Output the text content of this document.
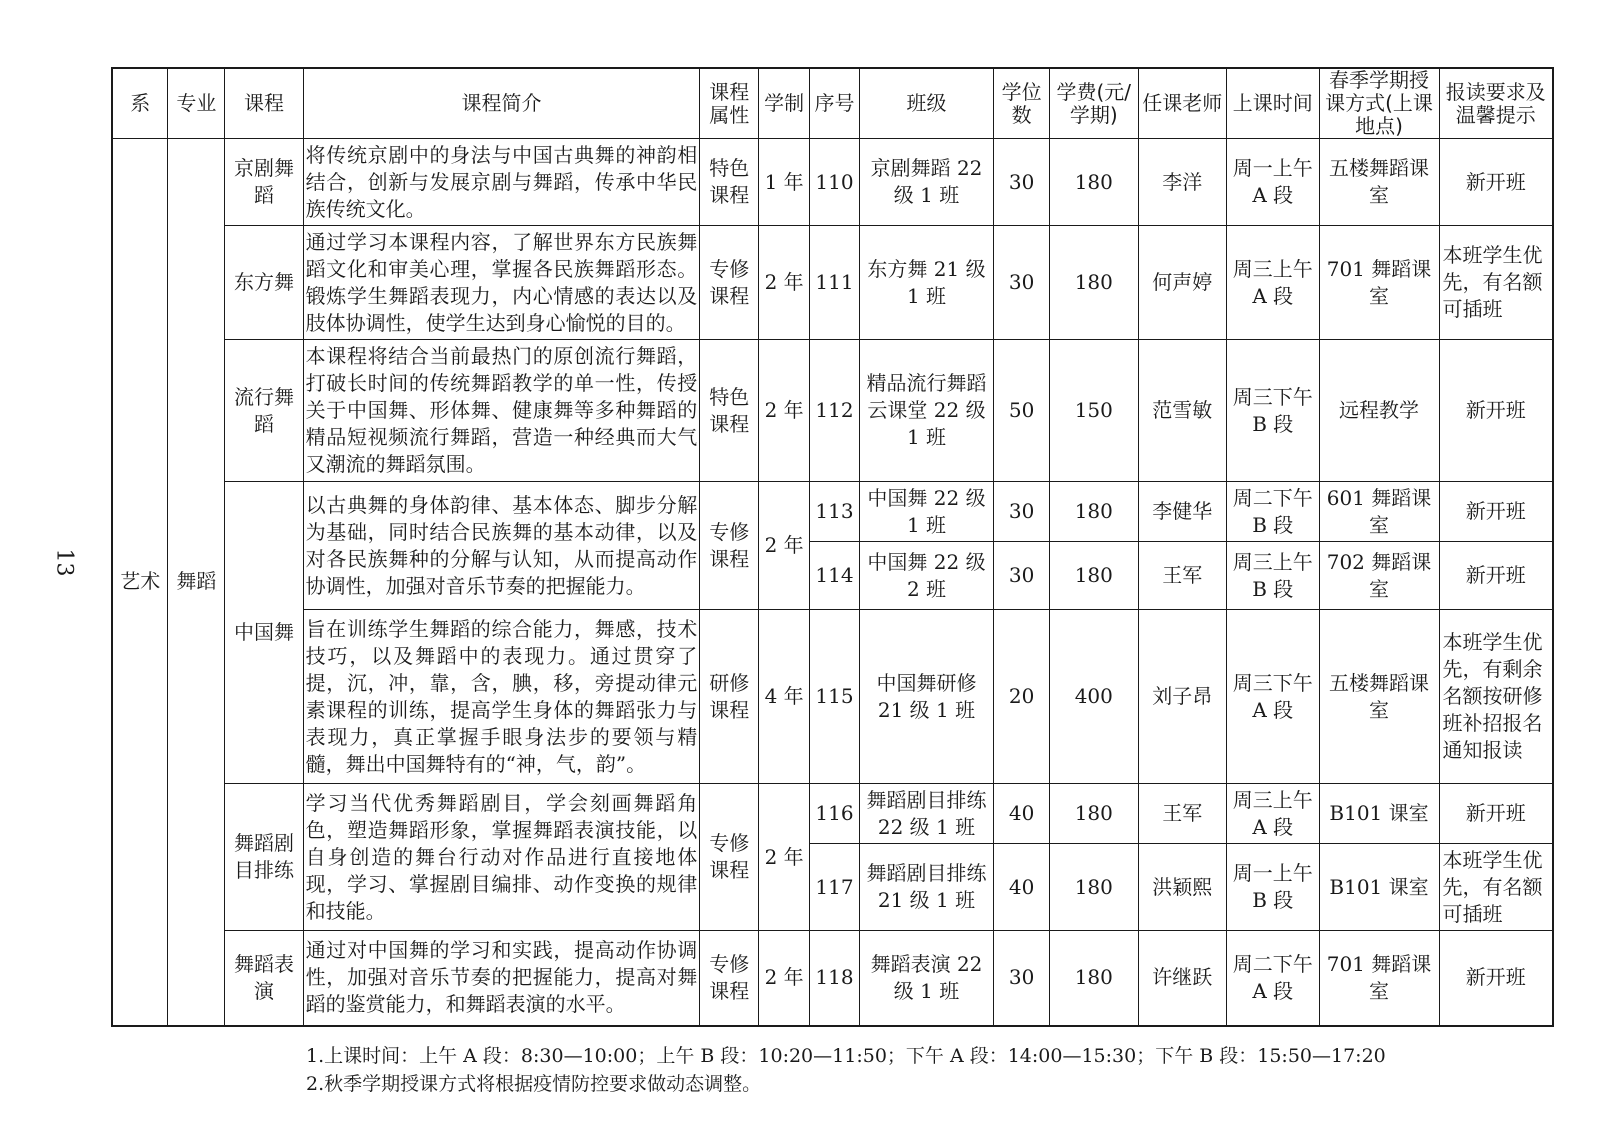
13
系	专业	课程	课程简介	课程属性	学制	序号	班级	学位数	学费(元/学期)	任课老师	上课时间	春季学期授课方式(上课地点)	报读要求及温馨提示
艺术	舞蹈	京剧舞蹈	将传统京剧中的身法与中国古典舞的神韵相结合，创新与发展京剧与舞蹈，传承中华民族传统文化。	特色课程	1 年	110	京剧舞蹈 22 级 1 班	30	180	李洋	周一上午 A 段	五楼舞蹈课室	新开班
		东方舞	通过学习本课程内容，了解世界东方民族舞蹈文化和审美心理，掌握各民族舞蹈形态。锻炼学生舞蹈表现力，内心情感的表达以及肢体协调性，使学生达到身心愉悦的目的。	专修课程	2 年	111	东方舞 21 级 1 班	30	180	何声婷	周三上午 A 段	701 舞蹈课室	本班学生优先，有名额可插班
		流行舞蹈	本课程将结合当前最热门的原创流行舞蹈，打破长时间的传统舞蹈教学的单一性，传授关于中国舞、形体舞、健康舞等多种舞蹈的精品短视频流行舞蹈，营造一种经典而大气又潮流的舞蹈氛围。	特色课程	2 年	112	精品流行舞蹈云课堂 22 级 1 班	50	150	范雪敏	周三下午 B 段	远程教学	新开班
		中国舞	以古典舞的身体韵律、基本体态、脚步分解为基础，同时结合民族舞的基本动律，以及对各民族舞种的分解与认知，从而提高动作协调性，加强对音乐节奏的把握能力。	专修课程	2 年	113	中国舞 22 级 1 班	30	180	李健华	周二下午 B 段	601 舞蹈课室	新开班
						114	中国舞 22 级 2 班	30	180	王军	周三上午 B 段	702 舞蹈课室	新开班
			旨在训练学生舞蹈的综合能力，舞感，技术技巧，以及舞蹈中的表现力。通过贯穿了提，沉，冲，靠，含，腆，移，旁提动律元素课程的训练，提高学生身体的舞蹈张力与表现力，真正掌握手眼身法步的要领与精髓，舞出中国舞特有的“神，气，韵”。	研修课程	4 年	115	中国舞研修 21 级 1 班	20	400	刘子昂	周三下午 A 段	五楼舞蹈课室	本班学生优先，有剩余名额按研修班补招报名通知报读
		舞蹈剧目排练	学习当代优秀舞蹈剧目，学会刻画舞蹈角色，塑造舞蹈形象，掌握舞蹈表演技能，以自身创造的舞台行动对作品进行直接地体现，学习、掌握剧目编排、动作变换的规律和技能。	专修课程	2 年	116	舞蹈剧目排练 22 级 1 班	40	180	王军	周三上午 A 段	B101 课室	新开班
						117	舞蹈剧目排练 21 级 1 班	40	180	洪颖熙	周一上午 B 段	B101 课室	本班学生优先，有名额可插班
		舞蹈表演	通过对中国舞的学习和实践，提高动作协调性，加强对音乐节奏的把握能力，提高对舞蹈的鉴赏能力，和舞蹈表演的水平。	专修课程	2 年	118	舞蹈表演 22 级 1 班	30	180	许继跃	周二下午 A 段	701 舞蹈课室	新开班
1.上课时间：上午 A 段：8:30—10:00；上午 B 段：10:20—11:50；下午 A 段：14:00—15:30；下午 B 段：15:50—17:20
2.秋季学期授课方式将根据疫情防控要求做动态调整。
